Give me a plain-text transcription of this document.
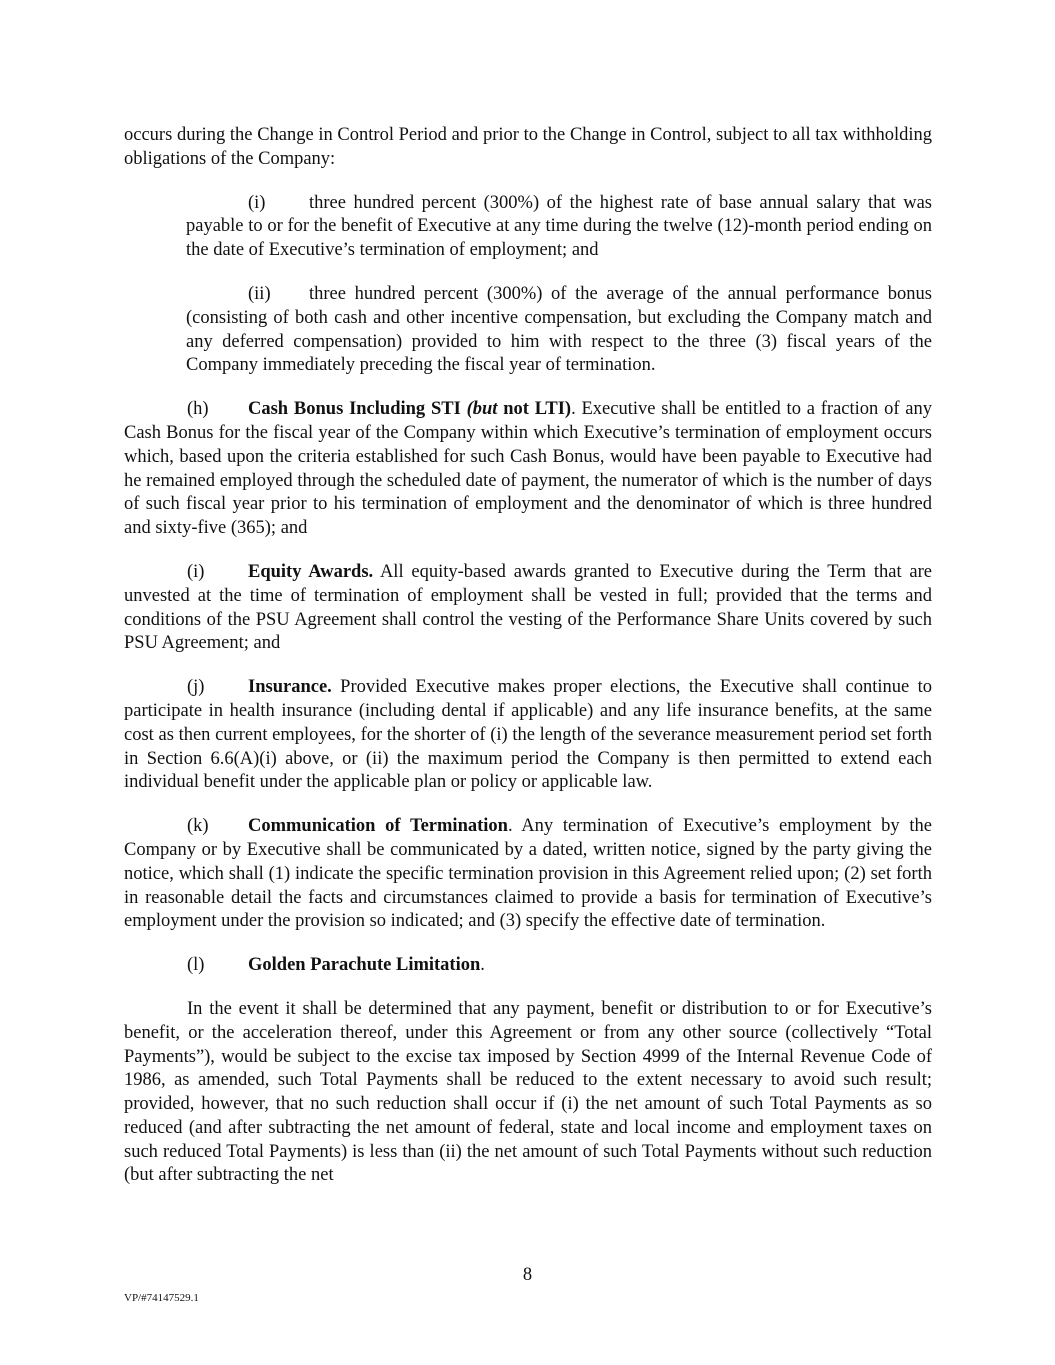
occurs during the Change in Control Period and prior to the Change in Control, subject to all tax withholding obligations of the Company:

(i) three hundred percent (300%) of the highest rate of base annual salary that was payable to or for the benefit of Executive at any time during the twelve (12)-month period ending on the date of Executive’s termination of employment; and

(ii) three hundred percent (300%) of the average of the annual performance bonus (consisting of both cash and other incentive compensation, but excluding the Company match and any deferred compensation) provided to him with respect to the three (3) fiscal years of the Company immediately preceding the fiscal year of termination.

(h) Cash Bonus Including STI (but not LTI). Executive shall be entitled to a fraction of any Cash Bonus for the fiscal year of the Company within which Executive’s termination of employment occurs which, based upon the criteria established for such Cash Bonus, would have been payable to Executive had he remained employed through the scheduled date of payment, the numerator of which is the number of days of such fiscal year prior to his termination of employment and the denominator of which is three hundred and sixty-five (365); and

(i) Equity Awards. All equity-based awards granted to Executive during the Term that are unvested at the time of termination of employment shall be vested in full; provided that the terms and conditions of the PSU Agreement shall control the vesting of the Performance Share Units covered by such PSU Agreement; and

(j) Insurance. Provided Executive makes proper elections, the Executive shall continue to participate in health insurance (including dental if applicable) and any life insurance benefits, at the same cost as then current employees, for the shorter of (i) the length of the severance measurement period set forth in Section 6.6(A)(i) above, or (ii) the maximum period the Company is then permitted to extend each individual benefit under the applicable plan or policy or applicable law.

(k) Communication of Termination. Any termination of Executive’s employment by the Company or by Executive shall be communicated by a dated, written notice, signed by the party giving the notice, which shall (1) indicate the specific termination provision in this Agreement relied upon; (2) set forth in reasonable detail the facts and circumstances claimed to provide a basis for termination of Executive’s employment under the provision so indicated; and (3) specify the effective date of termination.

(l) Golden Parachute Limitation.

In the event it shall be determined that any payment, benefit or distribution to or for Executive’s benefit, or the acceleration thereof, under this Agreement or from any other source (collectively “Total Payments”), would be subject to the excise tax imposed by Section 4999 of the Internal Revenue Code of 1986, as amended, such Total Payments shall be reduced to the extent necessary to avoid such result; provided, however, that no such reduction shall occur if (i) the net amount of such Total Payments as so reduced (and after subtracting the net amount of federal, state and local income and employment taxes on such reduced Total Payments) is less than (ii) the net amount of such Total Payments without such reduction (but after subtracting the net

8
VP/#74147529.1
